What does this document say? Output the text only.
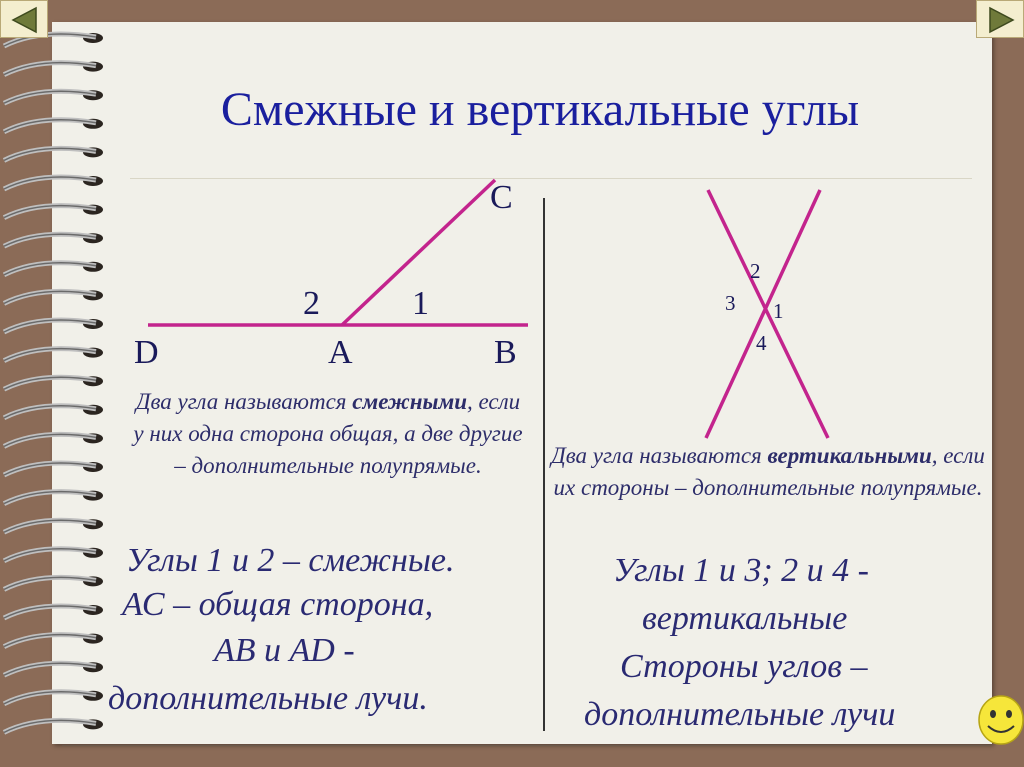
Смежные и вертикальные углы
C
D	A	B
2	1
2
3 1
4
Два угла называются смежными, если у них одна сторона общая, а две другие – дополнительные полупрямые.	Два угла называются вертикальными, если их стороны – дополнительные полупрямые.
Углы 1 и 2 – смежные.
АС – общая сторона,
АВ и АD -
дополнительные лучи.
Углы 1 и 3; 2 и 4 -
вертикальные
Стороны углов –
дополнительные лучи
